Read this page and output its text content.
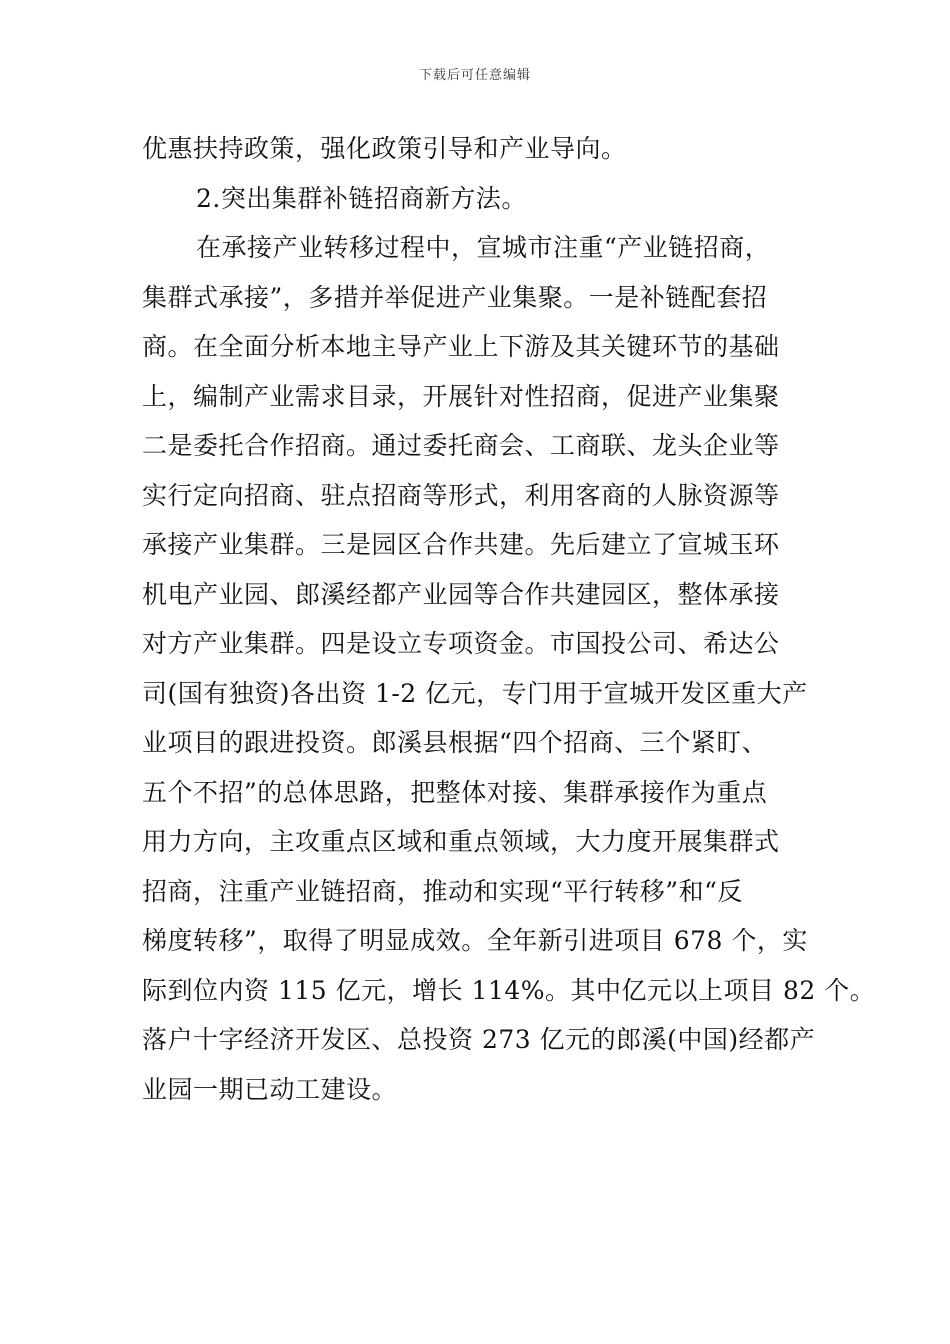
下载后可任意编辑
优惠扶持政策，强化政策引导和产业导向。
2.突出集群补链招商新方法。
在承接产业转移过程中，宣城市注重“产业链招商，
集群式承接”，多措并举促进产业集聚。一是补链配套招
商。在全面分析本地主导产业上下游及其关键环节的基础
上，编制产业需求目录，开展针对性招商，促进产业集聚
二是委托合作招商。通过委托商会、工商联、龙头企业等
实行定向招商、驻点招商等形式，利用客商的人脉资源等
承接产业集群。三是园区合作共建。先后建立了宣城玉环
机电产业园、郎溪经都产业园等合作共建园区，整体承接
对方产业集群。四是设立专项资金。市国投公司、希达公
司(国有独资)各出资 1-2 亿元，专门用于宣城开发区重大产
业项目的跟进投资。郎溪县根据“四个招商、三个紧盯、
五个不招”的总体思路，把整体对接、集群承接作为重点
用力方向，主攻重点区域和重点领域，大力度开展集群式
招商，注重产业链招商，推动和实现“平行转移”和“反
梯度转移”，取得了明显成效。全年新引进项目 678 个，实
际到位内资 115 亿元，增长 114%。其中亿元以上项目 82 个。
落户十字经济开发区、总投资 273 亿元的郎溪(中国)经都产
业园一期已动工建设。
